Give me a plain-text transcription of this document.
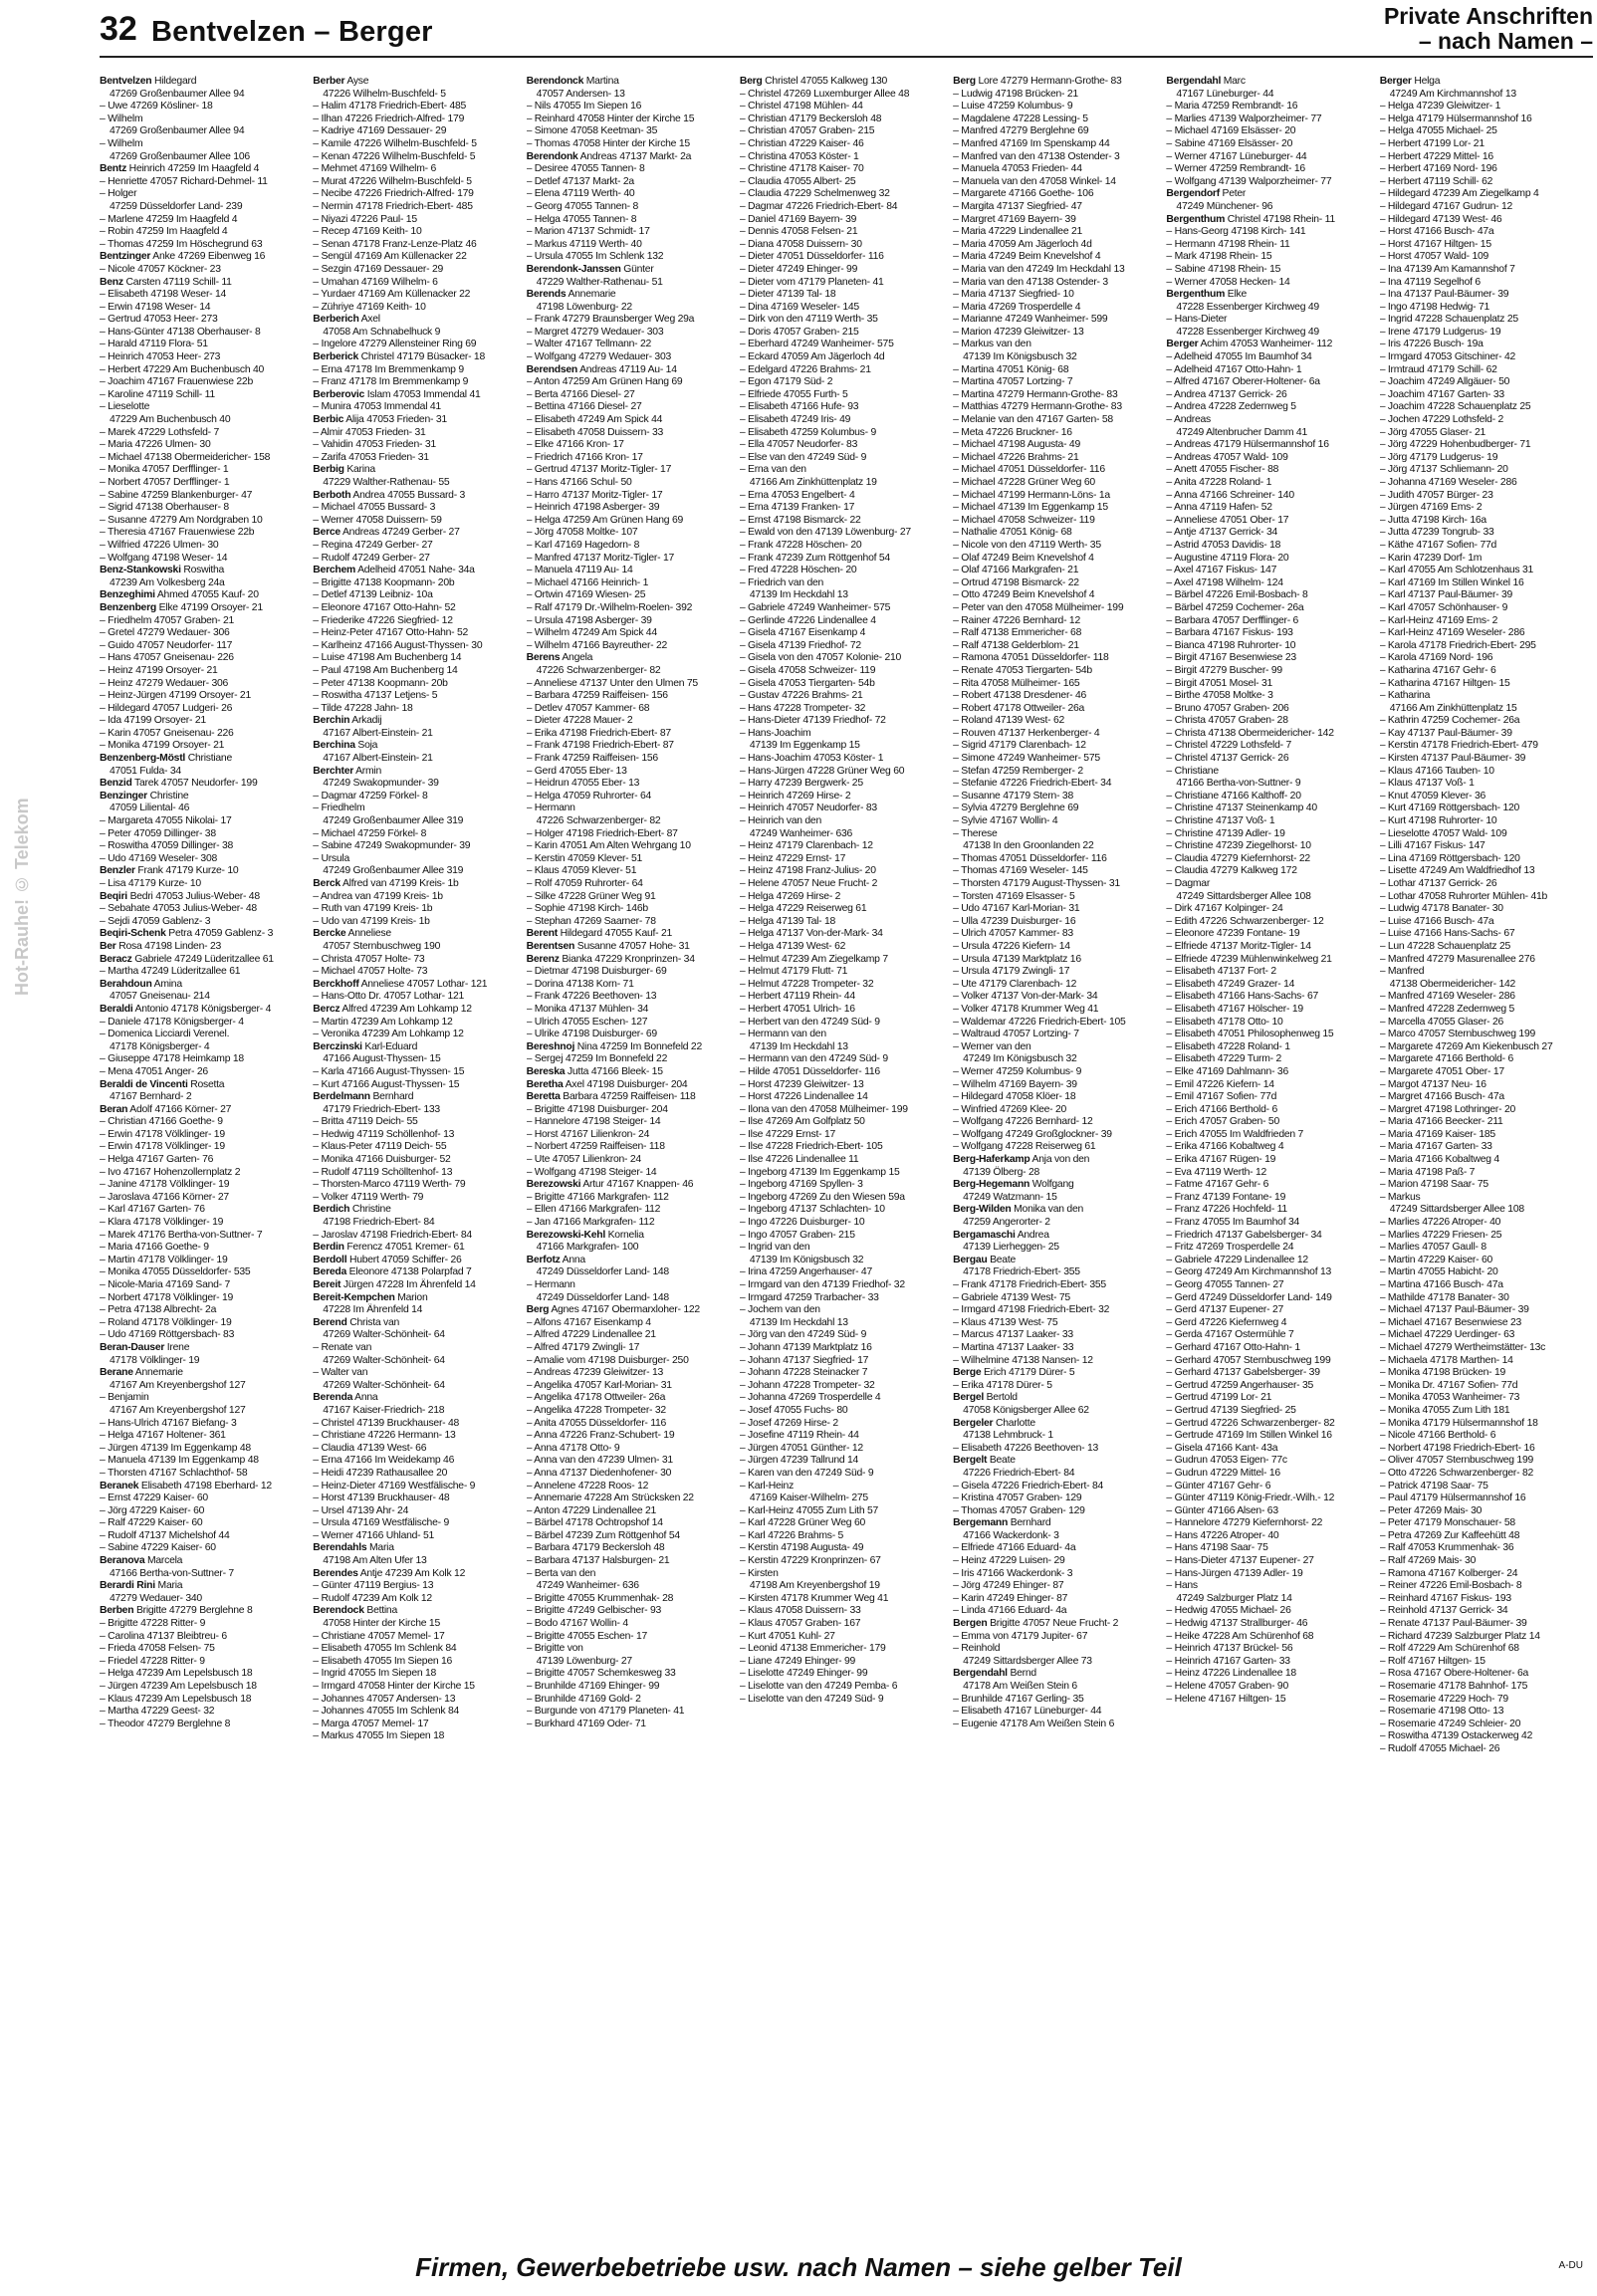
32 Bentvelzen – Berger	Private Anschriften
– nach Namen –
Hot-Rauhe! © Telekom
Bentvelzen Hildegard
47269 Großenbaumer Allee 94
– Uwe 47269 Kösliner- 18
– Wilhelm
47269 Großenbaumer Allee 94
– Wilhelm
47269 Großenbaumer Allee 106
Bentz Heinrich 47259 Im Haagfeld 4
– Henriette 47057 Richard-Dehmel- 11
– Holger
47259 Düsseldorfer Land- 239
– Marlene 47259 Im Haagfeld 4
– Robin 47259 Im Haagfeld 4
– Thomas 47259 Im Höschegrund 63
Bentzinger Anke 47269 Eibenweg 16
– Nicole 47057 Köckner- 23
Benz Carsten 47119 Schill- 11
– Elisabeth 47198 Weser- 14
– Erwin 47198 Weser- 14
– Gertrud 47053 Heer- 273
– Hans-Günter 47138 Oberhauser- 8
– Harald 47119 Flora- 51
– Heinrich 47053 Heer- 273
– Herbert 47229 Am Buchenbusch 40
– Joachim 47167 Frauenwiese 22b
– Karoline 47119 Schill- 11
– Lieselotte
47229 Am Buchenbusch 40
– Marek 47229 Lothsfeld- 7
– Maria 47226 Ulmen- 30
– Michael 47138 Obermeidericher- 158
– Monika 47057 Derfflinger- 1
– Norbert 47057 Derfflinger- 1
– Sabine 47259 Blankenburger- 47
– Sigrid 47138 Oberhauser- 8
– Susanne 47279 Am Nordgraben 10
– Theresia 47167 Frauenwiese 22b
– Wilfried 47226 Ulmen- 30
– Wolfgang 47198 Weser- 14
Benz-Stankowski Roswitha
47239 Am Volkesberg 24a
Benzeghimi Ahmed 47055 Kauf- 20
Benzenberg Elke 47199 Orsoyer- 21
– Friedhelm 47057 Graben- 21
– Gretel 47279 Wedauer- 306
– Guido 47057 Neudorfer- 117
– Hans 47057 Gneisenau- 226
– Heinz 47199 Orsoyer- 21
– Heinz 47279 Wedauer- 306
– Heinz-Jürgen 47199 Orsoyer- 21
– Hildegard 47057 Ludgeri- 26
– Ida 47199 Orsoyer- 21
– Karin 47057 Gneisenau- 226
– Monika 47199 Orsoyer- 21
Benzenberg-Möstl Christiane
47051 Fulda- 34
Benzid Tarek 47057 Neudorfer- 199
Benzinger Christine
47059 Liliental- 46
– Margareta 47055 Nikolai- 17
– Peter 47059 Dillinger- 38
– Roswitha 47059 Dillinger- 38
– Udo 47169 Weseler- 308
Benzler Frank 47179 Kurze- 10
– Lisa 47179 Kurze- 10
Beqiri Bedri 47053 Julius-Weber- 48
– Sebahate 47053 Julius-Weber- 48
– Sejdi 47059 Gablenz- 3
Beqiri-Schenk Petra 47059 Gablenz- 3
Ber Rosa 47198 Linden- 23
Beracz Gabriele 47249 Lüderitzallee 61
– Martha 47249 Lüderitzallee 61
Berahdoun Amina
47057 Gneisenau- 214
Beraldi Antonio 47178 Königsberger- 4
– Daniele 47178 Königsberger- 4
– Domenica Licciardi Verenel.
47178 Königsberger- 4
– Giuseppe 47178 Heimkamp 18
– Mena 47051 Anger- 26
Beraldi de Vincenti Rosetta
47167 Bernhard- 2
Beran Adolf 47166 Körner- 27
– Christian 47166 Goethe- 9
– Erwin 47178 Völklinger- 19
– Erwin 47178 Völklinger- 19
– Helga 47167 Garten- 76
– Ivo 47167 Hohenzollernplatz 2
– Janine 47178 Völklinger- 19
– Jaroslava 47166 Körner- 27
– Karl 47167 Garten- 76
– Klara 47178 Völklinger- 19
– Marek 47176 Bertha-von-Suttner- 7
– Maria 47166 Goethe- 9
– Martin 47178 Völklinger- 19
– Monika 47055 Düsseldorfer- 535
– Nicole-Maria 47169 Sand- 7
– Norbert 47178 Völklinger- 19
– Petra 47138 Albrecht- 2a
– Roland 47178 Völklinger- 19
– Udo 47169 Röttgersbach- 83
Beran-Dauser Irene
47178 Völklinger- 19
Berane Annemarie
47167 Am Kreyenbergshof 127
– Benjamin
47167 Am Kreyenbergshof 127
– Hans-Ulrich 47167 Biefang- 3
– Helga 47167 Holtener- 361
– Jürgen 47139 Im Eggenkamp 48
– Manuela 47139 Im Eggenkamp 48
– Thorsten 47167 Schlachthof- 58
Beranek Elisabeth 47198 Eberhard- 12
– Ernst 47229 Kaiser- 60
– Jörg 47229 Kaiser- 60
– Ralf 47229 Kaiser- 60
– Rudolf 47137 Michelshof 44
– Sabine 47229 Kaiser- 60
Beranova Marcela
47166 Bertha-von-Suttner- 7
Berardi Rini Maria
47279 Wedauer- 340
Berben Brigitte 47279 Berglehne 8
– Brigitte 47228 Ritter- 9
– Carolina 47137 Bleibtreu- 6
– Frieda 47058 Felsen- 75
– Friedel 47228 Ritter- 9
– Helga 47239 Am Lepelsbusch 18
– Jürgen 47239 Am Lepelsbusch 18
– Klaus 47239 Am Lepelsbusch 18
– Martha 47229 Geest- 32
– Theodor 47279 Berglehne 8
Berber Ayse
47226 Wilhelm-Buschfeld- 5
– Halim 47178 Friedrich-Ebert- 485
– Ilhan 47226 Friedrich-Alfred- 179
– Kadriye 47169 Dessauer- 29
– Kamile 47226 Wilhelm-Buschfeld- 5
– Kenan 47226 Wilhelm-Buschfeld- 5
– Mehmet 47169 Wilhelm- 6
– Murat 47226 Wilhelm-Buschfeld- 5
– Necibe 47226 Friedrich-Alfred- 179
– Nermin 47178 Friedrich-Ebert- 485
– Niyazi 47226 Paul- 15
– Recep 47169 Keith- 10
– Senan 47178 Franz-Lenze-Platz 46
– Sengül 47169 Am Küllenacker 22
– Sezgin 47169 Dessauer- 29
– Umahan 47169 Wilhelm- 6
– Yurdaer 47169 Am Küllenacker 22
– Zühriye 47169 Keith- 10
Berberich Axel
47058 Am Schnabelhuck 9
– Ingelore 47279 Allensteiner Ring 69
Berberick Christel 47179 Büsacker- 18
– Erna 47178 Im Bremmenkamp 9
– Franz 47178 Im Bremmenkamp 9
Berberovic Islam 47053 Immendal 41
– Munira 47053 Immendal 41
Berbic Alija 47053 Frieden- 31
– Almir 47053 Frieden- 31
– Vahidin 47053 Frieden- 31
– Zarifa 47053 Frieden- 31
Berbig Karina
47229 Walther-Rathenau- 55
Berboth Andrea 47055 Bussard- 3
– Michael 47055 Bussard- 3
– Werner 47058 Duissern- 59
Berce Andreas 47249 Gerber- 27
– Regina 47249 Gerber- 27
– Rudolf 47249 Gerber- 27
Berchem Adelheid 47051 Nahe- 34a
– Brigitte 47138 Koopmann- 20b
– Detlef 47139 Leibniz- 10a
– Eleonore 47167 Otto-Hahn- 52
– Friederike 47226 Siegfried- 12
– Heinz-Peter 47167 Otto-Hahn- 52
– Karlheinz 47166 August-Thyssen- 30
– Luise 47198 Am Buchenberg 14
– Paul 47198 Am Buchenberg 14
– Peter 47138 Koopmann- 20b
– Roswitha 47137 Letjens- 5
– Tilde 47228 Jahn- 18
Berchin Arkadij
47167 Albert-Einstein- 21
Berchina Soja
47167 Albert-Einstein- 21
Berchter Armin
47249 Swakopmunder- 39
– Dagmar 47259 Förkel- 8
– Friedhelm
47249 Großenbaumer Allee 319
– Michael 47259 Förkel- 8
– Sabine 47249 Swakopmunder- 39
– Ursula
47249 Großenbaumer Allee 319
Berck Alfred van 47199 Kreis- 1b
– Andrea van 47199 Kreis- 1b
– Ruth van 47199 Kreis- 1b
– Udo van 47199 Kreis- 1b
Bercke Anneliese
47057 Sternbuschweg 190
– Christa 47057 Holte- 73
– Michael 47057 Holte- 73
Berckhoff Anneliese 47057 Lothar- 121
– Hans-Otto Dr. 47057 Lothar- 121
Bercz Alfred 47239 Am Lohkamp 12
– Martin 47239 Am Lohkamp 12
– Veronika 47239 Am Lohkamp 12
Berczinski Karl-Eduard
47166 August-Thyssen- 15
– Karla 47166 August-Thyssen- 15
– Kurt 47166 August-Thyssen- 15
Berdelmann Bernhard
47179 Friedrich-Ebert- 133
– Britta 47119 Deich- 55
– Hedwig 47119 Schöllenhof- 13
– Klaus-Peter 47119 Deich- 55
– Monika 47166 Duisburger- 52
– Rudolf 47119 Schölltenhof- 13
– Thorsten-Marco 47119 Werth- 79
– Volker 47119 Werth- 79
Berdich Christine
47198 Friedrich-Ebert- 84
– Jaroslav 47198 Friedrich-Ebert- 84
Berdin Ferencz 47051 Kremer- 61
Berdoll Hubert 47059 Schiffer- 26
Bereda Eleonore 47138 Polarpfad 7
Bereit Jürgen 47228 Im Ährenfeld 14
Bereit-Kempchen Marion
47228 Im Ährenfeld 14
Berend Christa van
47269 Walter-Schönheit- 64
– Renate van
47269 Walter-Schönheit- 64
– Walter van
47269 Walter-Schönheit- 64
Berenda Anna
47167 Kaiser-Friedrich- 218
– Christel 47139 Bruckhauser- 48
– Christiane 47226 Hermann- 13
– Claudia 47139 West- 66
– Erna 47166 Im Weidekamp 46
– Heidi 47239 Rathausallee 20
– Heinz-Dieter 47169 Westfälische- 9
– Horst 47139 Bruckhauser- 48
– Ursel 47139 Ahr- 24
– Ursula 47169 Westfälische- 9
– Werner 47166 Uhland- 51
Berendahls Maria
47198 Am Alten Ufer 13
Berendes Antje 47239 Am Kolk 12
– Günter 47119 Bergius- 13
– Rudolf 47239 Am Kolk 12
Berendock Bettina
47058 Hinter der Kirche 15
– Christiane 47057 Memel- 17
– Elisabeth 47055 Im Schlenk 84
– Elisabeth 47055 Im Siepen 16
– Ingrid 47055 Im Siepen 18
– Irmgard 47058 Hinter der Kirche 15
– Johannes 47057 Andersen- 13
– Johannes 47055 Im Schlenk 84
– Marga 47057 Memel- 17
– Markus 47055 Im Siepen 18
Berendonck Martina
47057 Andersen- 13
– Nils 47055 Im Siepen 16
– Reinhard 47058 Hinter der Kirche 15
– Simone 47058 Keetman- 35
– Thomas 47058 Hinter der Kirche 15
Berendonk Andreas 47137 Markt- 2a
– Desiree 47055 Tannen- 8
– Detlef 47137 Markt- 2a
– Elena 47119 Werth- 40
– Georg 47055 Tannen- 8
– Helga 47055 Tannen- 8
– Marion 47137 Schmidt- 17
– Markus 47119 Werth- 40
– Ursula 47055 Im Schlenk 132
Berendonk-Janssen Günter
47229 Walther-Rathenau- 51
Berends Annemarie
47198 Löwenburg- 22
– Frank 47279 Braunsberger Weg 29a
– Margret 47279 Wedauer- 303
– Walter 47167 Tellmann- 22
– Wolfgang 47279 Wedauer- 303
Berendsen Andreas 47119 Au- 14
– Anton 47259 Am Grünen Hang 69
– Berta 47166 Diesel- 27
– Bettina 47166 Diesel- 27
– Elisabeth 47249 Am Spick 44
– Elisabeth 47058 Duissern- 33
– Elke 47166 Kron- 17
– Friedrich 47166 Kron- 17
– Gertrud 47137 Moritz-Tigler- 17
– Hans 47166 Schul- 50
– Harro 47137 Moritz-Tigler- 17
– Heinrich 47198 Asberger- 39
– Helga 47259 Am Grünen Hang 69
– Jörg 47058 Moltke- 107
– Karl 47169 Hagedorn- 8
– Manfred 47137 Moritz-Tigler- 17
– Manuela 47119 Au- 14
– Michael 47166 Heinrich- 1
– Ortwin 47169 Wiesen- 25
– Ralf 47179 Dr.-Wilhelm-Roelen- 392
– Ursula 47198 Asberger- 39
– Wilhelm 47249 Am Spick 44
– Wilhelm 47166 Bayreuther- 22
Berens Angela
47226 Schwarzenberger- 82
– Anneliese 47137 Unter den Ulmen 75
– Barbara 47259 Raiffeisen- 156
– Detlev 47057 Kammer- 68
– Dieter 47228 Mauer- 2
– Erika 47198 Friedrich-Ebert- 87
– Frank 47198 Friedrich-Ebert- 87
– Frank 47259 Raiffeisen- 156
– Gerd 47055 Eber- 13
– Heidrun 47055 Eber- 13
– Helga 47059 Ruhrorter- 64
– Hermann
47226 Schwarzenberger- 82
– Holger 47198 Friedrich-Ebert- 87
– Karin 47051 Am Alten Wehrgang 10
– Kerstin 47059 Klever- 51
– Klaus 47059 Klever- 51
– Rolf 47059 Ruhrorter- 64
– Silke 47228 Grüner Weg 91
– Sophie 47198 Kirch- 146b
– Stephan 47269 Saarner- 78
Berent Hildegard 47055 Kauf- 21
Berentsen Susanne 47057 Hohe- 31
Berenz Bianka 47229 Kronprinzen- 34
– Dietmar 47198 Duisburger- 69
– Dorina 47138 Korn- 71
– Frank 47226 Beethoven- 13
– Monika 47137 Mühlen- 34
– Ulrich 47055 Eschen- 127
– Ulrike 47198 Duisburger- 69
Bereshnoj Nina 47259 Im Bonnefeld 22
– Sergej 47259 Im Bonnefeld 22
Bereska Jutta 47166 Bleek- 15
Beretha Axel 47198 Duisburger- 204
Beretta Barbara 47259 Raiffeisen- 118
– Brigitte 47198 Duisburger- 204
– Hannelore 47198 Steiger- 14
– Horst 47167 Lilienkron- 24
– Norbert 47259 Raiffeisen- 118
– Ute 47057 Lilienkron- 24
– Wolfgang 47198 Steiger- 14
Berezowski Artur 47167 Knappen- 46
– Brigitte 47166 Markgrafen- 112
– Ellen 47166 Markgrafen- 112
– Jan 47166 Markgrafen- 112
Berezowski-Kehl Kornelia
47166 Markgrafen- 100
Berfotz Anna
47249 Düsseldorfer Land- 148
– Hermann
47249 Düsseldorfer Land- 148
Berg Agnes 47167 Obermarxloher- 122
– Alfons 47167 Eisenkamp 4
– Alfred 47229 Lindenallee 21
– Alfred 47179 Zwingli- 17
– Amalie vom 47198 Duisburger- 250
– Andreas 47239 Gleiwitzer- 13
– Angelika 47057 Karl-Morian- 31
– Angelika 47178 Ottweiler- 26a
– Angelika 47228 Trompeter- 32
– Anita 47055 Düsseldorfer- 116
– Anna 47226 Franz-Schubert- 19
– Anna 47178 Otto- 9
– Anna van den 47239 Ulmen- 31
– Anna 47137 Diedenhofener- 30
– Annelene 47228 Roos- 12
– Annemarie 47228 Am Strücksken 22
– Anton 47229 Lindenallee 21
– Bärbel 47178 Ochtropshof 14
– Bärbel 47239 Zum Röttgenhof 54
– Barbara 47179 Beckersloh 48
– Barbara 47137 Halsburgen- 21
– Berta van den
47249 Wanheimer- 636
– Brigitte 47055 Krummenhak- 28
– Brigitte 47249 Gelbischer- 93
– Bodo 47167 Wollin- 4
– Brigitte 47055 Eschen- 17
– Brigitte von
47139 Löwenburg- 27
– Brigitte 47057 Schemkesweg 33
– Brunhilde 47169 Ehinger- 99
– Brunhilde 47169 Gold- 2
– Burgunde von 47179 Planeten- 41
– Burkhard 47169 Oder- 71
Berg Christel 47055 Kalkweg 130
– Christel 47269 Luxemburger Allee 48
– Christel 47198 Mühlen- 44
– Christian 47179 Beckersloh 48
– Christian 47057 Graben- 215
– Christian 47229 Kaiser- 46
– Christina 47053 Köster- 1
– Christine 47178 Kaiser- 70
– Claudia 47055 Albert- 25
– Claudia 47229 Schelmenweg 32
– Dagmar 47226 Friedrich-Ebert- 84
– Daniel 47169 Bayern- 39
– Dennis 47058 Felsen- 21
– Diana 47058 Duissern- 30
– Dieter 47051 Düsseldorfer- 116
– Dieter 47249 Ehinger- 99
– Dieter vom 47179 Planeten- 41
– Dieter 47139 Tal- 18
– Dina 47169 Weseler- 145
– Dirk von den 47119 Werth- 35
– Doris 47057 Graben- 215
– Eberhard 47249 Wanheimer- 575
– Eckard 47059 Am Jägerloch 4d
– Edelgard 47226 Brahms- 21
– Egon 47179 Süd- 2
– Elfriede 47055 Furth- 5
– Elisabeth 47166 Hufe- 93
– Elisabeth 47249 Iris- 49
– Elisabeth 47259 Kolumbus- 9
– Ella 47057 Neudorfer- 83
– Else van den 47249 Süd- 9
– Erna van den
47166 Am Zinkhüttenplatz 19
– Erna 47053 Engelbert- 4
– Erna 47139 Franken- 17
– Ernst 47198 Bismarck- 22
– Ewald von den 47139 Löwenburg- 27
– Frank 47228 Höschen- 20
– Frank 47239 Zum Röttgenhof 54
– Fred 47228 Höschen- 20
– Friedrich van den
47139 Im Heckdahl 13
– Gabriele 47249 Wanheimer- 575
– Gerlinde 47226 Lindenallee 4
– Gisela 47167 Eisenkamp 4
– Gisela 47139 Friedhof- 72
– Gisela von den 47057 Kolonie- 210
– Gisela 47058 Schweizer- 119
– Gisela 47053 Tiergarten- 54b
– Gustav 47226 Brahms- 21
– Hans 47228 Trompeter- 32
– Hans-Dieter 47139 Friedhof- 72
– Hans-Joachim
47139 Im Eggenkamp 15
– Hans-Joachim 47053 Köster- 1
– Hans-Jürgen 47228 Grüner Weg 60
– Harry 47239 Bergwerk- 25
– Heinrich 47269 Hirse- 2
– Heinrich 47057 Neudorfer- 83
– Heinrich van den
47249 Wanheimer- 636
– Heinz 47179 Clarenbach- 12
– Heinz 47229 Ernst- 17
– Heinz 47198 Franz-Julius- 20
– Helene 47057 Neue Frucht- 2
– Helga 47269 Hirse- 2
– Helga 47229 Reiserweg 61
– Helga 47139 Tal- 18
– Helga 47137 Von-der-Mark- 34
– Helga 47139 West- 62
– Helmut 47239 Am Ziegelkamp 7
– Helmut 47179 Flutt- 71
– Helmut 47228 Trompeter- 32
– Herbert 47119 Rhein- 44
– Herbert 47051 Ulrich- 16
– Herbert van den 47249 Süd- 9
– Hermann van den
47139 Im Heckdahl 13
– Hermann van den 47249 Süd- 9
– Hilde 47051 Düsseldorfer- 116
– Horst 47239 Gleiwitzer- 13
– Horst 47226 Lindenallee 14
– Ilona van den 47058 Mülheimer- 199
– Ilse 47269 Am Golfplatz 50
– Ilse 47229 Ernst- 17
– Ilse 47228 Friedrich-Ebert- 105
– Ilse 47226 Lindenallee 11
– Ingeborg 47139 Im Eggenkamp 15
– Ingeborg 47169 Spyllen- 3
– Ingeborg 47269 Zu den Wiesen 59a
– Ingeborg 47137 Schlachten- 10
– Ingo 47226 Duisburger- 10
– Ingo 47057 Graben- 215
– Ingrid van den
47139 Im Königsbusch 32
– Irina 47259 Angerhauser- 47
– Irmgard van den 47139 Friedhof- 32
– Irmgard 47259 Trarbacher- 33
– Jochem van den
47139 Im Heckdahl 13
– Jörg van den 47249 Süd- 9
– Johann 47139 Marktplatz 16
– Johann 47137 Siegfried- 17
– Johann 47228 Steinacker 7
– Johann 47228 Trompeter- 32
– Johanna 47269 Trosperdelle 4
– Josef 47055 Fuchs- 80
– Josef 47269 Hirse- 2
– Josefine 47119 Rhein- 44
– Jürgen 47051 Günther- 12
– Jürgen 47239 Tallrund 14
– Karen van den 47249 Süd- 9
– Karl-Heinz
47169 Kaiser-Wilhelm- 275
– Karl-Heinz 47055 Zum Lith 57
– Karl 47228 Grüner Weg 60
– Karl 47226 Brahms- 5
– Kerstin 47198 Augusta- 49
– Kerstin 47229 Kronprinzen- 67
– Kirsten
47198 Am Kreyenbergshof 19
– Kirsten 47178 Krummer Weg 41
– Klaus 47058 Duissern- 33
– Klaus 47057 Graben- 167
– Kurt 47051 Kuhl- 27
– Leonid 47138 Emmericher- 179
– Liane 47249 Ehinger- 99
– Liselotte 47249 Ehinger- 99
– Liselotte van den 47249 Pemba- 6
– Liselotte van den 47249 Süd- 9
Berg Lore 47279 Hermann-Grothe- 83
– Ludwig 47198 Brücken- 21
– Luise 47259 Kolumbus- 9
– Magdalene 47228 Lessing- 5
– Manfred 47279 Berglehne 69
– Manfred 47169 Im Spenskamp 44
– Manfred van den 47138 Ostender- 3
– Manuela 47053 Frieden- 44
– Manuela van den 47058 Winkel- 14
– Margarete 47166 Goethe- 106
– Margita 47137 Siegfried- 47
– Margret 47169 Bayern- 39
– Maria 47229 Lindenallee 21
– Maria 47059 Am Jägerloch 4d
– Maria 47249 Beim Knevelshof 4
– Maria van den 47249 Im Heckdahl 13
– Maria van den 47138 Ostender- 3
– Maria 47137 Siegfried- 10
– Maria 47269 Trosperdelle 4
– Marianne 47249 Wanheimer- 599
– Marion 47239 Gleiwitzer- 13
– Markus van den
47139 Im Königsbusch 32
– Martina 47051 König- 68
– Martina 47057 Lortzing- 7
– Martina 47279 Hermann-Grothe- 83
– Matthias 47279 Hermann-Grothe- 83
– Melanie van den 47167 Garten- 58
– Meta 47226 Bruckner- 16
– Michael 47198 Augusta- 49
– Michael 47226 Brahms- 21
– Michael 47051 Düsseldorfer- 116
– Michael 47228 Grüner Weg 60
– Michael 47199 Hermann-Löns- 1a
– Michael 47139 Im Eggenkamp 15
– Michael 47058 Schweizer- 119
– Nathalie 47051 König- 68
– Nicole von den 47119 Werth- 35
– Olaf 47249 Beim Knevelshof 4
– Olaf 47166 Markgrafen- 21
– Ortrud 47198 Bismarck- 22
– Otto 47249 Beim Knevelshof 4
– Peter van den 47058 Mülheimer- 199
– Rainer 47226 Bernhard- 12
– Ralf 47138 Emmericher- 68
– Ralf 47138 Gelderblom- 21
– Ramona 47051 Düsseldorfer- 118
– Renate 47053 Tiergarten- 54b
– Rita 47058 Mülheimer- 165
– Robert 47138 Dresdener- 46
– Robert 47178 Ottweiler- 26a
– Roland 47139 West- 62
– Rouven 47137 Herkenberger- 4
– Sigrid 47179 Clarenbach- 12
– Simone 47249 Wanheimer- 575
– Stefan 47259 Remberger- 2
– Stefanie 47226 Friedrich-Ebert- 34
– Susanne 47179 Stern- 38
– Sylvia 47279 Berglehne 69
– Sylvie 47167 Wollin- 4
– Therese
47138 In den Groonlanden 22
– Thomas 47051 Düsseldorfer- 116
– Thomas 47169 Weseler- 145
– Thorsten 47179 August-Thyssen- 31
– Torsten 47169 Elsasser- 5
– Udo 47167 Karl-Morian- 31
– Ulla 47239 Duisburger- 16
– Ulrich 47057 Kammer- 83
– Ursula 47226 Kiefern- 14
– Ursula 47139 Marktplatz 16
– Ursula 47179 Zwingli- 17
– Ute 47179 Clarenbach- 12
– Volker 47137 Von-der-Mark- 34
– Volker 47178 Krummer Weg 41
– Waldemar 47226 Friedrich-Ebert- 105
– Waltraud 47057 Lortzing- 7
– Werner van den
47249 Im Königsbusch 32
– Werner 47259 Kolumbus- 9
– Wilhelm 47169 Bayern- 39
– Hildegard 47058 Klöer- 18
– Winfried 47269 Klee- 20
– Wolfgang 47226 Bernhard- 12
– Wolfgang 47249 Großglockner- 39
– Wolfgang 47228 Reiserweg 61
Berg-Haferkamp Anja von den
47139 Ölberg- 28
Berg-Hegemann Wolfgang
47249 Watzmann- 15
Berg-Wilden Monika van den
47259 Angerorter- 2
Bergamaschi Andrea
47139 Lierheggen- 25
Bergau Beate
47178 Friedrich-Ebert- 355
– Frank 47178 Friedrich-Ebert- 355
– Gabriele 47139 West- 75
– Irmgard 47198 Friedrich-Ebert- 32
– Klaus 47139 West- 75
– Marcus 47137 Laaker- 33
– Martina 47137 Laaker- 33
– Wilhelmine 47138 Nansen- 12
Berge Erich 47179 Dürer- 5
– Erika 47178 Dürer- 5
Bergel Bertold
47058 Königsberger Allee 62
Bergeler Charlotte
47138 Lehmbruck- 1
– Elisabeth 47226 Beethoven- 13
Bergelt Beate
47226 Friedrich-Ebert- 84
– Gisela 47226 Friedrich-Ebert- 84
– Kristina 47057 Graben- 129
– Thomas 47057 Graben- 129
Bergemann Bernhard
47166 Wackerdonk- 3
– Elfriede 47166 Eduard- 4a
– Heinz 47229 Luisen- 29
– Iris 47166 Wackerdonk- 3
– Jörg 47249 Ehinger- 87
– Karin 47249 Ehinger- 87
– Linda 47166 Eduard- 4a
Bergen Brigitte 47057 Neue Frucht- 2
– Emma von 47179 Jupiter- 67
– Reinhold
47249 Sittardsberger Allee 73
Bergendahl Bernd
47178 Am Weißen Stein 6
– Brunhilde 47167 Gerling- 35
– Elisabeth 47167 Lüneburger- 44
– Eugenie 47178 Am Weißen Stein 6
Bergendahl Marc
47167 Lüneburger- 44
– Maria 47259 Rembrandt- 16
– Marlies 47139 Walporzheimer- 77
– Michael 47169 Elsässer- 20
– Sabine 47169 Elsässer- 20
– Werner 47167 Lüneburger- 44
– Werner 47259 Rembrandt- 16
– Wolfgang 47139 Walporzheimer- 77
Bergendorf Peter
47249 Münchener- 96
Bergenthum Christel 47198 Rhein- 11
– Hans-Georg 47198 Kirch- 141
– Hermann 47198 Rhein- 11
– Mark 47198 Rhein- 15
– Sabine 47198 Rhein- 15
– Werner 47058 Hecken- 14
Bergenthum Elke
47228 Essenberger Kirchweg 49
– Hans-Dieter
47228 Essenberger Kirchweg 49
Berger Achim 47053 Wanheimer- 112
– Adelheid 47055 Im Baumhof 34
– Adelheid 47167 Otto-Hahn- 1
– Alfred 47167 Oberer-Holtener- 6a
– Andrea 47137 Gerrick- 26
– Andrea 47228 Zedernweg 5
– Andreas
47249 Altenbrucher Damm 41
– Andreas 47179 Hülsermannshof 16
– Andreas 47057 Wald- 109
– Anett 47055 Fischer- 88
– Anita 47228 Roland- 1
– Anna 47166 Schreiner- 140
– Anna 47119 Hafen- 52
– Anneliese 47051 Ober- 17
– Antje 47137 Gerrick- 34
– Astrid 47053 Davidis- 18
– Augustine 47119 Flora- 20
– Axel 47167 Fiskus- 147
– Axel 47198 Wilhelm- 124
– Bärbel 47226 Emil-Bosbach- 8
– Bärbel 47259 Cochemer- 26a
– Barbara 47057 Derfflinger- 6
– Barbara 47167 Fiskus- 193
– Bianca 47198 Ruhrorter- 10
– Birgit 47167 Besenwiese 23
– Birgit 47279 Buscher- 99
– Birgit 47051 Mosel- 31
– Birthe 47058 Moltke- 3
– Bruno 47057 Graben- 206
– Christa 47057 Graben- 28
– Christa 47138 Obermeidericher- 142
– Christel 47229 Lothsfeld- 7
– Christel 47137 Gerrick- 26
– Christiane
47166 Bertha-von-Suttner- 9
– Christiane 47166 Kalthoff- 20
– Christine 47137 Steinenkamp 40
– Christine 47137 Voß- 1
– Christine 47139 Adler- 19
– Christine 47239 Ziegelhorst- 10
– Claudia 47279 Kiefernhorst- 22
– Claudia 47279 Kalkweg 172
– Dagmar
47249 Sittardsberger Allee 108
– Dirk 47167 Kolpinger- 24
– Edith 47226 Schwarzenberger- 12
– Eleonore 47239 Fontane- 19
– Elfriede 47137 Moritz-Tigler- 14
– Elfriede 47239 Mühlenwinkelweg 21
– Elisabeth 47137 Fort- 2
– Elisabeth 47249 Grazer- 14
– Elisabeth 47166 Hans-Sachs- 67
– Elisabeth 47167 Hölscher- 19
– Elisabeth 47178 Otto- 10
– Elisabeth 47051 Philosophenweg 15
– Elisabeth 47228 Roland- 1
– Elisabeth 47229 Turm- 2
– Elke 47169 Dahlmann- 36
– Emil 47226 Kiefern- 14
– Emil 47167 Sofien- 77d
– Erich 47166 Berthold- 6
– Erich 47057 Graben- 50
– Erich 47055 Im Waldfrieden 7
– Erika 47166 Kobaltweg 4
– Erika 47167 Rügen- 19
– Eva 47119 Werth- 12
– Fatme 47167 Gehr- 6
– Franz 47139 Fontane- 19
– Franz 47226 Hochfeld- 11
– Franz 47055 Im Baumhof 34
– Friedrich 47137 Gabelsberger- 34
– Fritz 47269 Trosperdelle 24
– Gabriele 47229 Lindenallee 12
– Georg 47249 Am Kirchmannshof 13
– Georg 47055 Tannen- 27
– Gerd 47249 Düsseldorfer Land- 149
– Gerd 47137 Eupener- 27
– Gerd 47226 Kiefernweg 4
– Gerda 47167 Ostermühle 7
– Gerhard 47167 Otto-Hahn- 1
– Gerhard 47057 Sternbuschweg 199
– Gerhard 47137 Gabelsberger- 39
– Gertrud 47259 Angerhauser- 35
– Gertrud 47199 Lor- 21
– Gertrud 47139 Siegfried- 25
– Gertrud 47226 Schwarzenberger- 82
– Gertrude 47169 Im Stillen Winkel 16
– Gisela 47166 Kant- 43a
– Gudrun 47053 Eigen- 77c
– Gudrun 47229 Mittel- 16
– Günter 47167 Gehr- 6
– Günter 47119 König-Friedr.-Wilh.- 12
– Günter 47166 Alsen- 63
– Hannelore 47279 Kiefernhorst- 22
– Hans 47226 Atroper- 40
– Hans 47198 Saar- 75
– Hans-Dieter 47137 Eupener- 27
– Hans-Jürgen 47139 Adler- 19
– Hans
47249 Salzburger Platz 14
– Hedwig 47055 Michael- 26
– Hedwig 47137 Strallburger- 46
– Heike 47228 Am Schürenhof 68
– Heinrich 47137 Brückel- 56
– Heinrich 47167 Garten- 33
– Heinz 47226 Lindenallee 18
– Helene 47057 Graben- 90
– Helene 47167 Hiltgen- 15
Berger Helga
47249 Am Kirchmannshof 13
– Helga 47239 Gleiwitzer- 1
– Helga 47179 Hülsermannshof 16
– Helga 47055 Michael- 25
– Herbert 47199 Lor- 21
– Herbert 47229 Mittel- 16
– Herbert 47169 Nord- 196
– Herbert 47119 Schill- 62
– Hildegard 47239 Am Ziegelkamp 4
– Hildegard 47167 Gudrun- 12
– Hildegard 47139 West- 46
– Horst 47166 Busch- 47a
– Horst 47167 Hiltgen- 15
– Horst 47057 Wald- 109
– Ina 47139 Am Kamannshof 7
– Ina 47119 Segelhof 6
– Ina 47137 Paul-Bäumer- 39
– Ingo 47198 Hedwig- 71
– Ingrid 47228 Schauenplatz 25
– Irene 47179 Ludgerus- 19
– Iris 47226 Busch- 19a
– Irmgard 47053 Gitschiner- 42
– Irmtraud 47179 Schill- 62
– Joachim 47249 Allgäuer- 50
– Joachim 47167 Garten- 33
– Joachim 47228 Schauenplatz 25
– Jochen 47229 Lothsfeld- 2
– Jörg 47055 Glaser- 21
– Jörg 47229 Hohenbudberger- 71
– Jörg 47179 Ludgerus- 19
– Jörg 47137 Schliemann- 20
– Johanna 47169 Weseler- 286
– Judith 47057 Bürger- 23
– Jürgen 47169 Ems- 2
– Jutta 47198 Kirch- 16a
– Jutta 47239 Tongrub- 33
– Käthe 47167 Sofien- 77d
– Karin 47239 Dorf- 1m
– Karl 47055 Am Schlotzenhaus 31
– Karl 47169 Im Stillen Winkel 16
– Karl 47137 Paul-Bäumer- 39
– Karl 47057 Schönhauser- 9
– Karl-Heinz 47169 Ems- 2
– Karl-Heinz 47169 Weseler- 286
– Karola 47178 Friedrich-Ebert- 295
– Karola 47169 Nord- 196
– Katharina 47167 Gehr- 6
– Katharina 47167 Hiltgen- 15
– Katharina
47166 Am Zinkhüttenplatz 15
– Kathrin 47259 Cochemer- 26a
– Kay 47137 Paul-Bäumer- 39
– Kerstin 47178 Friedrich-Ebert- 479
– Kirsten 47137 Paul-Bäumer- 39
– Klaus 47166 Tauben- 10
– Klaus 47137 Voß- 1
– Knut 47059 Klever- 36
– Kurt 47169 Röttgersbach- 120
– Kurt 47198 Ruhrorter- 10
– Lieselotte 47057 Wald- 109
– Lilli 47167 Fiskus- 147
– Lina 47169 Röttgersbach- 120
– Lisette 47249 Am Waldfriedhof 13
– Lothar 47137 Gerrick- 26
– Lothar 47058 Ruhrorter Mühlen- 41b
– Ludwig 47178 Banater- 30
– Luise 47166 Busch- 47a
– Luise 47166 Hans-Sachs- 67
– Lun 47228 Schauenplatz 25
– Manfred 47279 Masurenallee 276
– Manfred
47138 Obermeidericher- 142
– Manfred 47169 Weseler- 286
– Manfred 47228 Zedernweg 5
– Marcella 47055 Glaser- 26
– Marco 47057 Sternbuschweg 199
– Margarete 47269 Am Kiekenbusch 27
– Margarete 47166 Berthold- 6
– Margarete 47051 Ober- 17
– Margot 47137 Neu- 16
– Margret 47166 Busch- 47a
– Margret 47198 Lothringer- 20
– Maria 47166 Beecker- 211
– Maria 47169 Kaiser- 185
– Maria 47167 Garten- 33
– Maria 47166 Kobaltweg 4
– Maria 47198 Paß- 7
– Marion 47198 Saar- 75
– Markus
47249 Sittardsberger Allee 108
– Marlies 47226 Atroper- 40
– Marlies 47229 Friesen- 25
– Marlies 47057 Gaull- 8
– Martin 47229 Kaiser- 60
– Martin 47055 Habicht- 20
– Martina 47166 Busch- 47a
– Mathilde 47178 Banater- 30
– Michael 47137 Paul-Bäumer- 39
– Michael 47167 Besenwiese 23
– Michael 47229 Uerdinger- 63
– Michael 47279 Wertheimstätter- 13c
– Michaela 47178 Marthen- 14
– Monika 47198 Brücken- 19
– Monika Dr. 47167 Sofien- 77d
– Monika 47053 Wanheimer- 73
– Monika 47055 Zum Lith 181
– Monika 47179 Hülsermannshof 18
– Nicole 47166 Berthold- 6
– Norbert 47198 Friedrich-Ebert- 16
– Oliver 47057 Sternbuschweg 199
– Otto 47226 Schwarzenberger- 82
– Patrick 47198 Saar- 75
– Paul 47179 Hülsermannshof 16
– Peter 47269 Mais- 30
– Peter 47179 Monschauer- 58
– Petra 47269 Zur Kaffeehütt 48
– Ralf 47053 Krummenhak- 36
– Ralf 47269 Mais- 30
– Ramona 47167 Kolberger- 24
– Reiner 47226 Emil-Bosbach- 8
– Reinhard 47167 Fiskus- 193
– Reinhold 47137 Gerrick- 34
– Renate 47137 Paul-Bäumer- 39
– Richard 47239 Salzburger Platz 14
– Rolf 47229 Am Schürenhof 68
– Rolf 47167 Hiltgen- 15
– Rosa 47167 Obere-Holtener- 6a
– Rosemarie 47178 Bahnhof- 175
– Rosemarie 47229 Hoch- 79
– Rosemarie 47198 Otto- 13
– Rosemarie 47249 Schleier- 20
– Roswitha 47139 Ostackerweg 42
– Rudolf 47055 Michael- 26
Firmen, Gewerbebetriebe usw. nach Namen – siehe gelber Teil	A-DU
